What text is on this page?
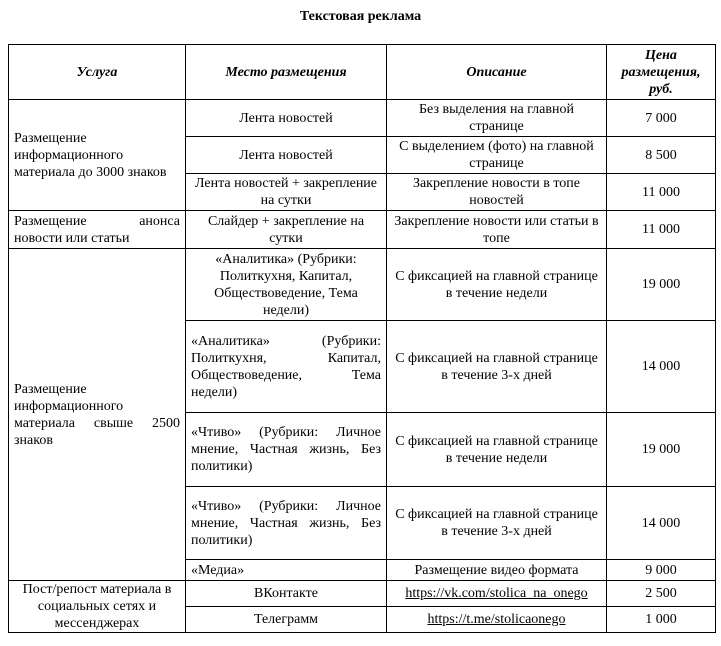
Текстовая реклама
Услуга	Место размещения	Описание	Цена размещения, руб.
Размещение информационного материала до 3000 знаков	Лента новостей	Без выделения на главной странице	7 000
	Лента новостей	С выделением (фото) на главной странице	8 500
	Лента новостей + закрепление на сутки	Закрепление новости в топе новостей	11 000
Размещение анонса новости или статьи	Слайдер + закрепление на сутки	Закрепление новости или статьи в топе	11 000
Размещение информационного материала свыше 2500 знаков	«Аналитика» (Рубрики: Политкухня, Капитал, Обществоведение, Тема недели)	С фиксацией на главной странице в течение недели	19 000
	«Аналитика» (Рубрики: Политкухня, Капитал, Обществоведение, Тема недели)	С фиксацией на главной странице в течение 3-х дней	14 000
	«Чтиво» (Рубрики: Личное мнение, Частная жизнь, Без политики)	С фиксацией на главной странице в течение недели	19 000
	«Чтиво» (Рубрики: Личное мнение, Частная жизнь, Без политики)	С фиксацией на главной странице в течение 3-х дней	14 000
	«Медиа»	Размещение видео формата	9 000
Пост/репост материала в социальных сетях и мессенджерах	ВКонтакте	https://vk.com/stolica_na_onego	2 500
	Телеграмм	https://t.me/stolicaonego	1 000
